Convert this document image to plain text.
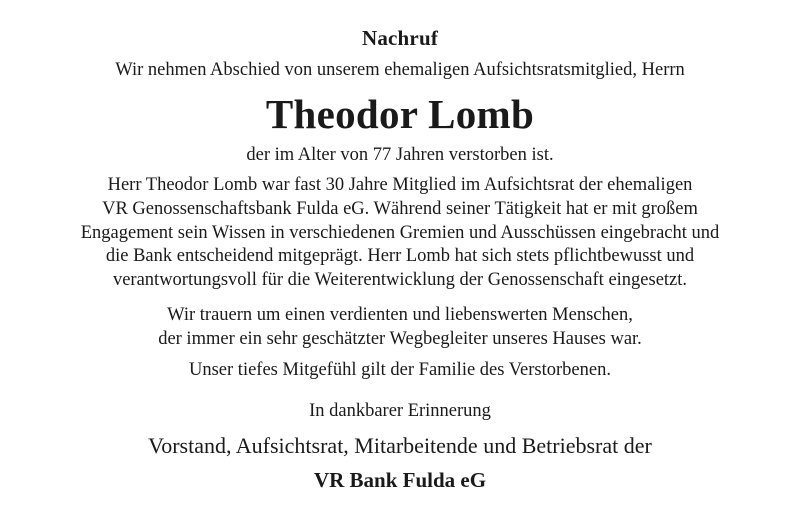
Nachruf
Wir nehmen Abschied von unserem ehemaligen Aufsichtsratsmitglied, Herrn
Theodor Lomb
der im Alter von 77 Jahren verstorben ist.
Herr Theodor Lomb war fast 30 Jahre Mitglied im Aufsichtsrat der ehemaligen
VR Genossenschaftsbank Fulda eG. Während seiner Tätigkeit hat er mit großem
Engagement sein Wissen in verschiedenen Gremien und Ausschüssen eingebracht und
die Bank entscheidend mitgeprägt. Herr Lomb hat sich stets pflichtbewusst und
verantwortungsvoll für die Weiterentwicklung der Genossenschaft eingesetzt.
Wir trauern um einen verdienten und liebenswerten Menschen,
der immer ein sehr geschätzter Wegbegleiter unseres Hauses war.
Unser tiefes Mitgefühl gilt der Familie des Verstorbenen.
In dankbarer Erinnerung
Vorstand, Aufsichtsrat, Mitarbeitende und Betriebsrat der
VR Bank Fulda eG
